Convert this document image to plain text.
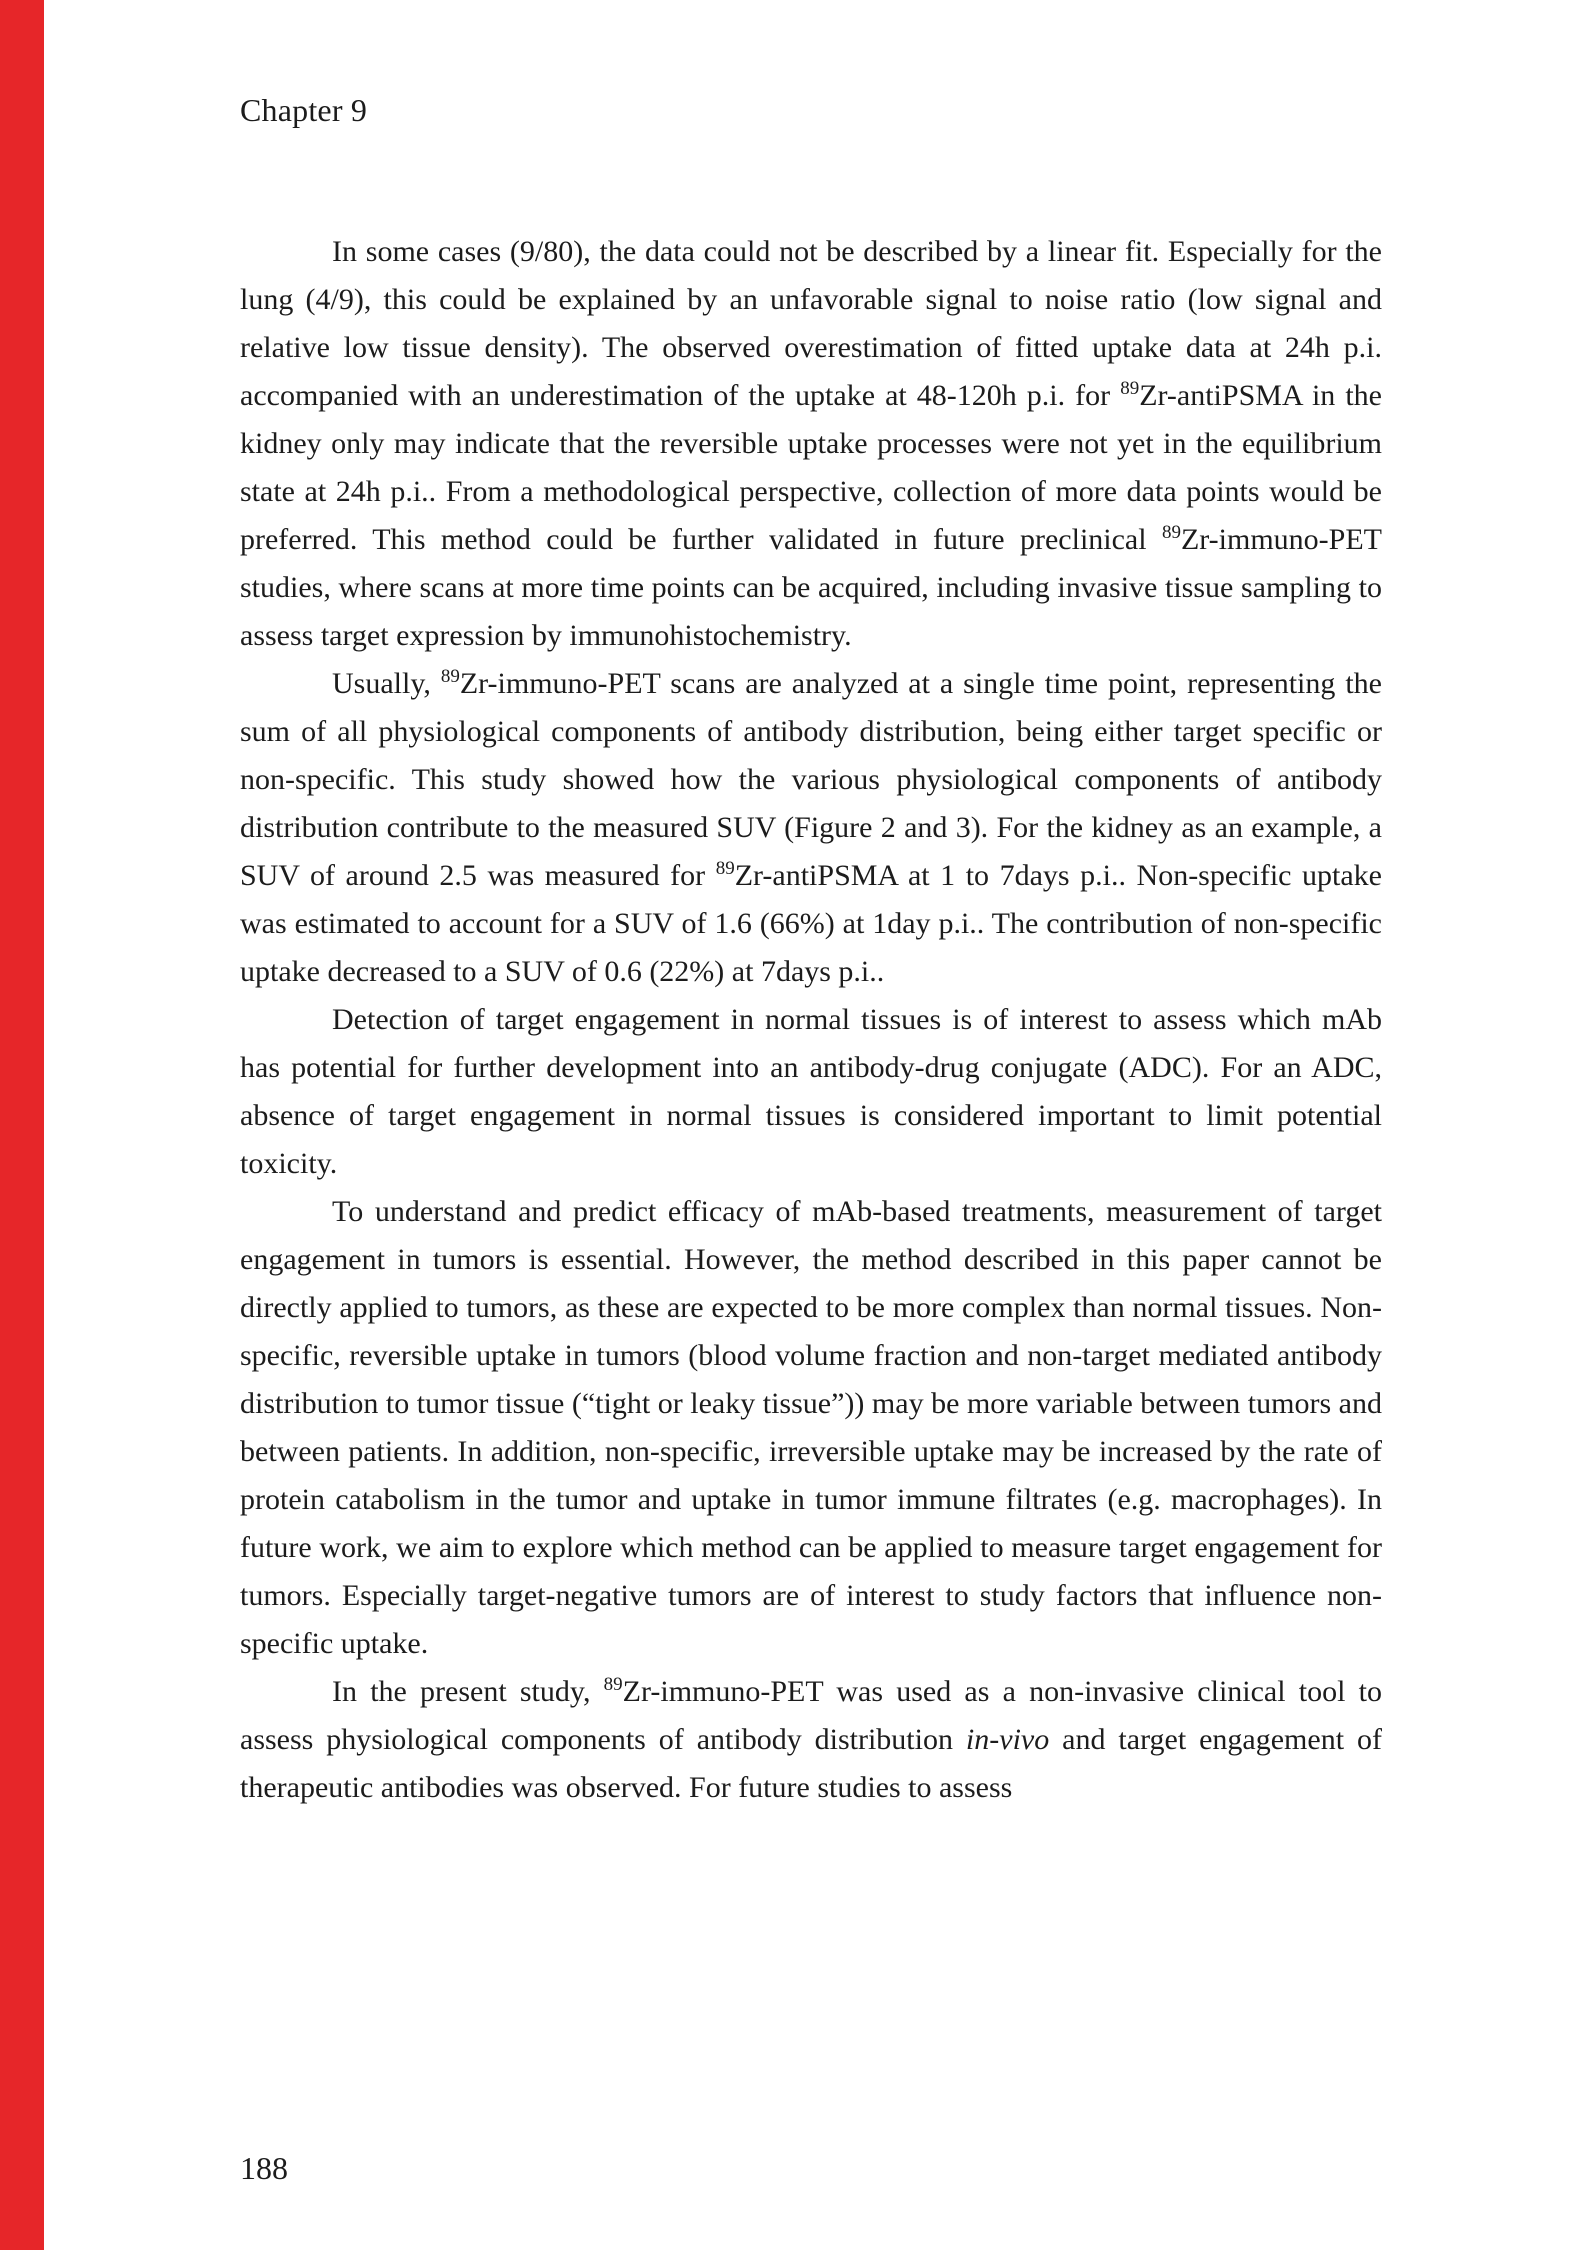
Chapter 9

In some cases (9/80), the data could not be described by a linear fit. Especially for the lung (4/9), this could be explained by an unfavorable signal to noise ratio (low signal and relative low tissue density). The observed overestimation of fitted uptake data at 24h p.i. accompanied with an underestimation of the uptake at 48-120h p.i. for $^{89}$Zr-antiPSMA in the kidney only may indicate that the reversible uptake processes were not yet in the equilibrium state at 24h p.i.. From a methodological perspective, collection of more data points would be preferred. This method could be further validated in future preclinical $^{89}$Zr-immuno-PET studies, where scans at more time points can be acquired, including invasive tissue sampling to assess target expression by immunohistochemistry.

Usually, $^{89}$Zr-immuno-PET scans are analyzed at a single time point, representing the sum of all physiological components of antibody distribution, being either target specific or non-specific. This study showed how the various physiological components of antibody distribution contribute to the measured SUV (Figure 2 and 3). For the kidney as an example, a SUV of around 2.5 was measured for $^{89}$Zr-antiPSMA at 1 to 7days p.i.. Non-specific uptake was estimated to account for a SUV of 1.6 (66%) at 1day p.i.. The contribution of non-specific uptake decreased to a SUV of 0.6 (22%) at 7days p.i..

Detection of target engagement in normal tissues is of interest to assess which mAb has potential for further development into an antibody-drug conjugate (ADC). For an ADC, absence of target engagement in normal tissues is considered important to limit potential toxicity.

To understand and predict efficacy of mAb-based treatments, measurement of target engagement in tumors is essential. However, the method described in this paper cannot be directly applied to tumors, as these are expected to be more complex than normal tissues. Non-specific, reversible uptake in tumors (blood volume fraction and non-target mediated antibody distribution to tumor tissue (“tight or leaky tissue”)) may be more variable between tumors and between patients. In addition, non-specific, irreversible uptake may be increased by the rate of protein catabolism in the tumor and uptake in tumor immune filtrates (e.g. macrophages). In future work, we aim to explore which method can be applied to measure target engagement for tumors. Especially target-negative tumors are of interest to study factors that influence non-specific uptake.

In the present study, $^{89}$Zr-immuno-PET was used as a non-invasive clinical tool to assess physiological components of antibody distribution in-vivo and target engagement of therapeutic antibodies was observed. For future studies to assess

188
